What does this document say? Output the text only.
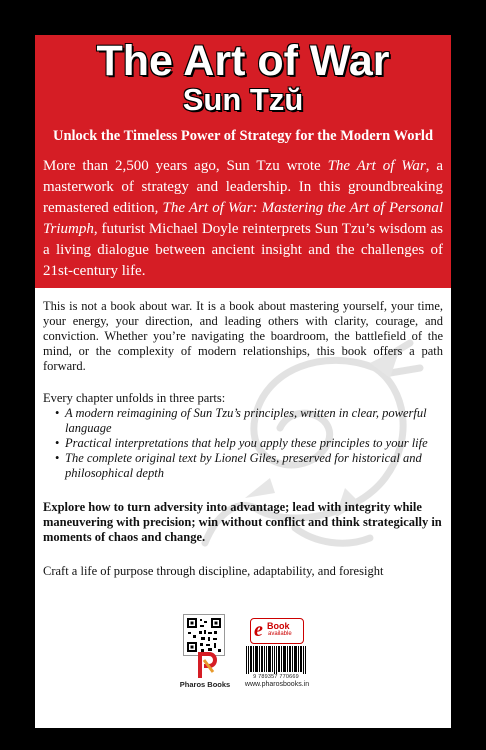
The Art of War
Sun Tzŭ
Unlock the Timeless Power of Strategy for the Modern World
More than 2,500 years ago, Sun Tzu wrote The Art of War, a masterwork of strategy and leadership. In this groundbreaking remastered edition, The Art of War: Mastering the Art of Personal Triumph, futurist Michael Doyle reinterprets Sun Tzu’s wisdom as a living dialogue between ancient insight and the challenges of 21st-century life.

This is not a book about war. It is a book about mastering yourself, your time, your energy, your direction, and leading others with clarity, courage, and conviction. Whether you’re navigating the boardroom, the battlefield of the mind, or the complexity of modern relationships, this book offers a path forward.

Every chapter unfolds in three parts:

• A modern reimagining of Sun Tzu’s principles, written in clear, powerful language
• Practical interpretations that help you apply these principles to your life
• The complete original text by Lionel Giles, preserved for historical and philosophical depth

Explore how to turn adversity into advantage; lead with integrity while maneuvering with precision; win without conflict and think strategically in moments of chaos and change.

Craft a life of purpose through discipline, adaptability, and foresight

e Book
available
Pharos Books
9 789357 770669
www.pharosbooks.in
